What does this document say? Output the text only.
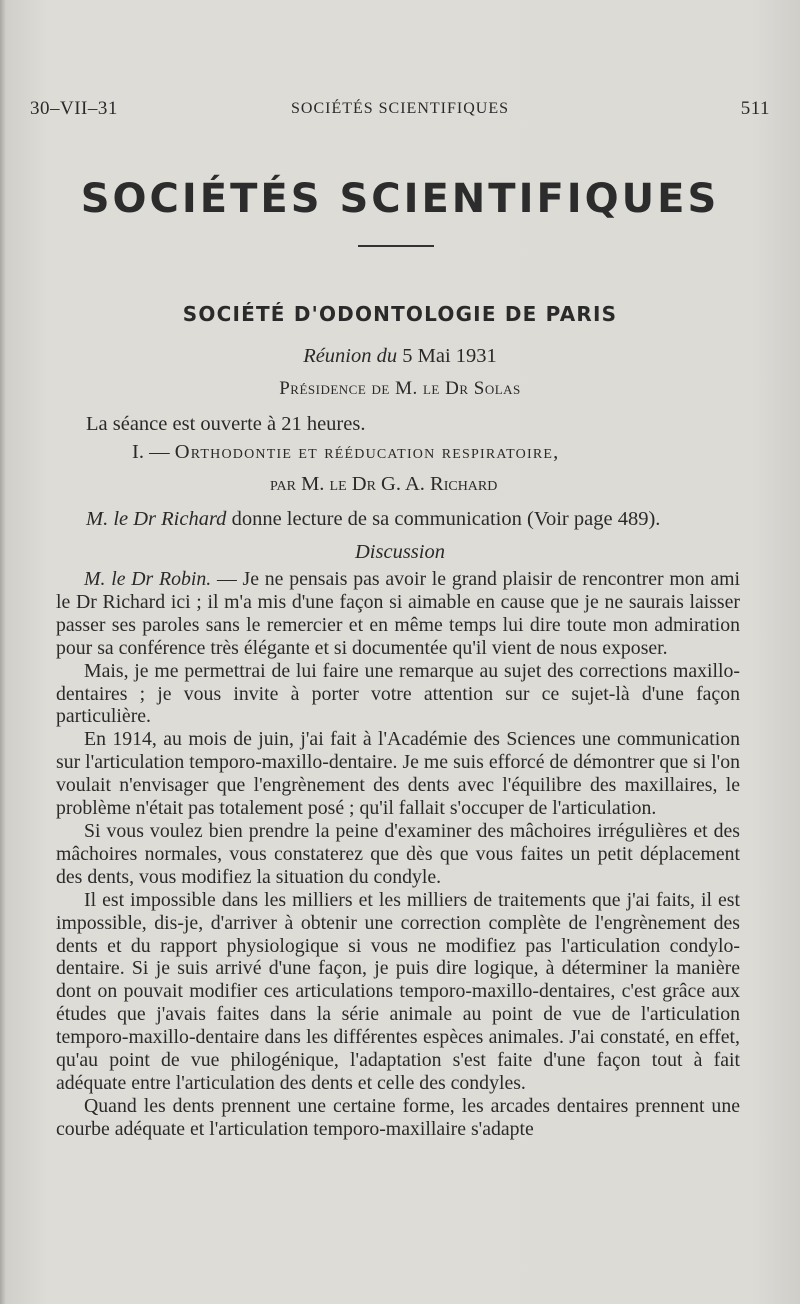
30–VII–31	SOCIÉTÉS SCIENTIFIQUES	511
SOCIÉTÉS SCIENTIFIQUES
SOCIÉTÉ D'ODONTOLOGIE DE PARIS
Réunion du 5 Mai 1931
Présidence de M. le Dr Solas
La séance est ouverte à 21 heures.
I. — Orthodontie et rééducation respiratoire,
par M. le Dr G. A. Richard
M. le Dr Richard donne lecture de sa communication (Voir page 489).
Discussion

M. le Dr Robin. — Je ne pensais pas avoir le grand plaisir de rencontrer mon ami le Dr Richard ici ; il m'a mis d'une façon si aimable en cause que je ne saurais laisser passer ses paroles sans le remercier et en même temps lui dire toute mon admiration pour sa conférence très élégante et si documentée qu'il vient de nous exposer.

Mais, je me permettrai de lui faire une remarque au sujet des corrections maxillo-dentaires ; je vous invite à porter votre attention sur ce sujet-là d'une façon particulière.

En 1914, au mois de juin, j'ai fait à l'Académie des Sciences une communication sur l'articulation temporo-maxillo-dentaire. Je me suis efforcé de démontrer que si l'on voulait n'envisager que l'engrènement des dents avec l'équilibre des maxillaires, le problème n'était pas totalement posé ; qu'il fallait s'occuper de l'articulation.

Si vous voulez bien prendre la peine d'examiner des mâchoires irrégulières et des mâchoires normales, vous constaterez que dès que vous faites un petit déplacement des dents, vous modifiez la situation du condyle.

Il est impossible dans les milliers et les milliers de traitements que j'ai faits, il est impossible, dis-je, d'arriver à obtenir une correction complète de l'engrènement des dents et du rapport physiologique si vous ne modifiez pas l'articulation condylo-dentaire. Si je suis arrivé d'une façon, je puis dire logique, à déterminer la manière dont on pouvait modifier ces articulations temporo-maxillo-dentaires, c'est grâce aux études que j'avais faites dans la série animale au point de vue de l'articulation temporo-maxillo-dentaire dans les différentes espèces animales. J'ai constaté, en effet, qu'au point de vue philogénique, l'adaptation s'est faite d'une façon tout à fait adéquate entre l'articulation des dents et celle des condyles.

Quand les dents prennent une certaine forme, les arcades dentaires prennent une courbe adéquate et l'articulation temporo-maxillaire s'adapte
